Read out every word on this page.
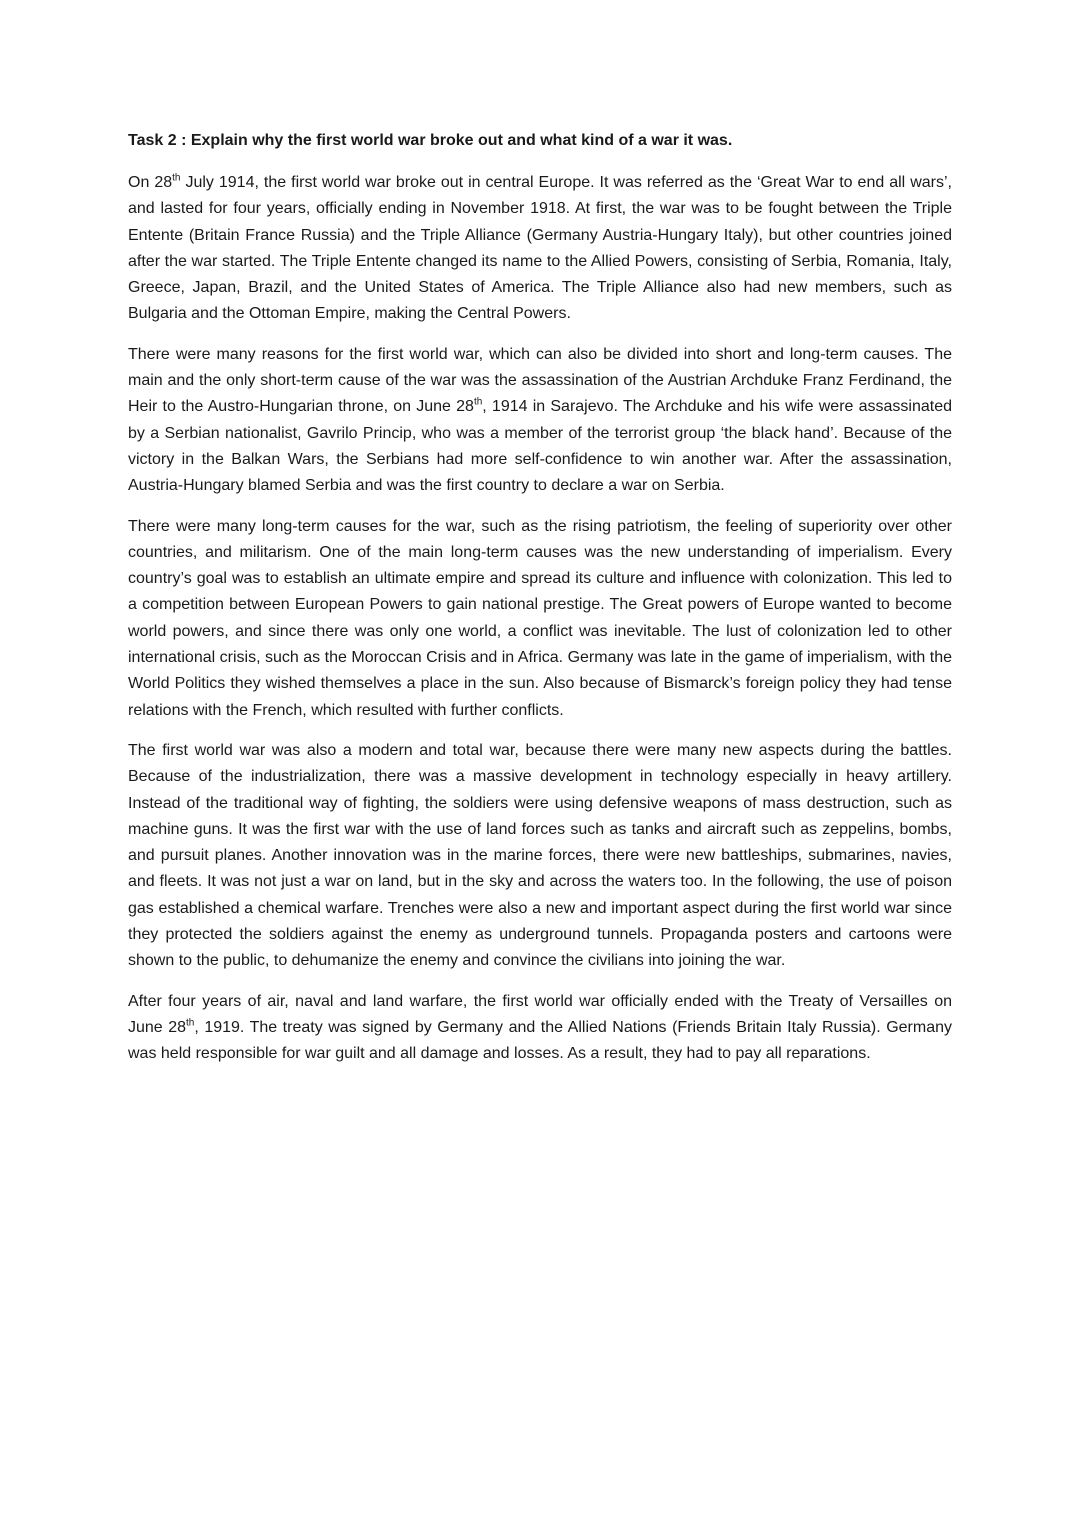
Task 2 : Explain why the first world war broke out and what kind of a war it was.

On 28th July 1914, the first world war broke out in central Europe. It was referred as the ‘Great War to end all wars’, and lasted for four years, officially ending in November 1918. At first, the war was to be fought between the Triple Entente (Britain France Russia) and the Triple Alliance (Germany Austria-Hungary Italy), but other countries joined after the war started. The Triple Entente changed its name to the Allied Powers, consisting of Serbia, Romania, Italy, Greece, Japan, Brazil, and the United States of America. The Triple Alliance also had new members, such as Bulgaria and the Ottoman Empire, making the Central Powers.

There were many reasons for the first world war, which can also be divided into short and long-term causes. The main and the only short-term cause of the war was the assassination of the Austrian Archduke Franz Ferdinand, the Heir to the Austro-Hungarian throne, on June 28th, 1914 in Sarajevo. The Archduke and his wife were assassinated by a Serbian nationalist, Gavrilo Princip, who was a member of the terrorist group ‘the black hand’. Because of the victory in the Balkan Wars, the Serbians had more self-confidence to win another war. After the assassination, Austria-Hungary blamed Serbia and was the first country to declare a war on Serbia.

There were many long-term causes for the war, such as the rising patriotism, the feeling of superiority over other countries, and militarism. One of the main long-term causes was the new understanding of imperialism. Every country’s goal was to establish an ultimate empire and spread its culture and influence with colonization. This led to a competition between European Powers to gain national prestige. The Great powers of Europe wanted to become world powers, and since there was only one world, a conflict was inevitable. The lust of colonization led to other international crisis, such as the Moroccan Crisis and in Africa. Germany was late in the game of imperialism, with the World Politics they wished themselves a place in the sun. Also because of Bismarck’s foreign policy they had tense relations with the French, which resulted with further conflicts.

The first world war was also a modern and total war, because there were many new aspects during the battles. Because of the industrialization, there was a massive development in technology especially in heavy artillery. Instead of the traditional way of fighting, the soldiers were using defensive weapons of mass destruction, such as machine guns. It was the first war with the use of land forces such as tanks and aircraft such as zeppelins, bombs, and pursuit planes. Another innovation was in the marine forces, there were new battleships, submarines, navies, and fleets. It was not just a war on land, but in the sky and across the waters too. In the following, the use of poison gas established a chemical warfare. Trenches were also a new and important aspect during the first world war since they protected the soldiers against the enemy as underground tunnels. Propaganda posters and cartoons were shown to the public, to dehumanize the enemy and convince the civilians into joining the war.

After four years of air, naval and land warfare, the first world war officially ended with the Treaty of Versailles on June 28th, 1919. The treaty was signed by Germany and the Allied Nations (Friends Britain Italy Russia). Germany was held responsible for war guilt and all damage and losses. As a result, they had to pay all reparations.
